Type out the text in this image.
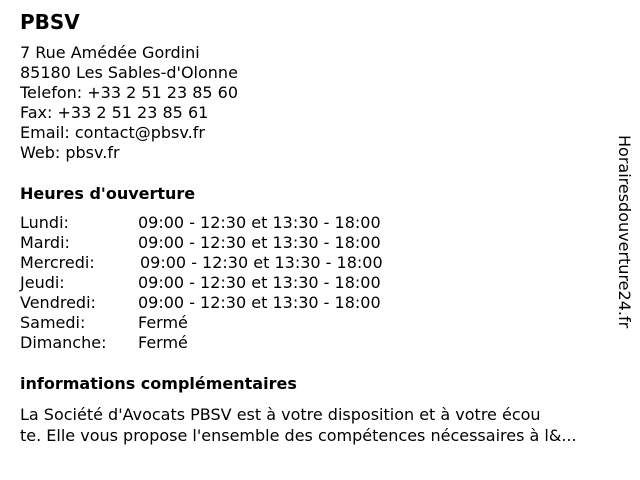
PBSV
7 Rue Amédée Gordini
85180 Les Sables-d'Olonne
Telefon: +33 2 51 23 85 60
Fax: +33 2 51 23 85 61
Email: contact@pbsv.fr
Web: pbsv.fr
Heures d'ouverture
Lundi:	09:00 - 12:30 et 13:30 - 18:00
Mardi:	09:00 - 12:30 et 13:30 - 18:00
Mercredi:	09:00 - 12:30 et 13:30 - 18:00
Jeudi:	09:00 - 12:30 et 13:30 - 18:00
Vendredi:	09:00 - 12:30 et 13:30 - 18:00
Samedi:	Fermé
Dimanche: Fermé
informations complémentaires
La Société d'Avocats PBSV est à votre disposition et à votre écou
te. Elle vous propose l'ensemble des compétences nécessaires à l&...
Horairesdouverture24.fr
